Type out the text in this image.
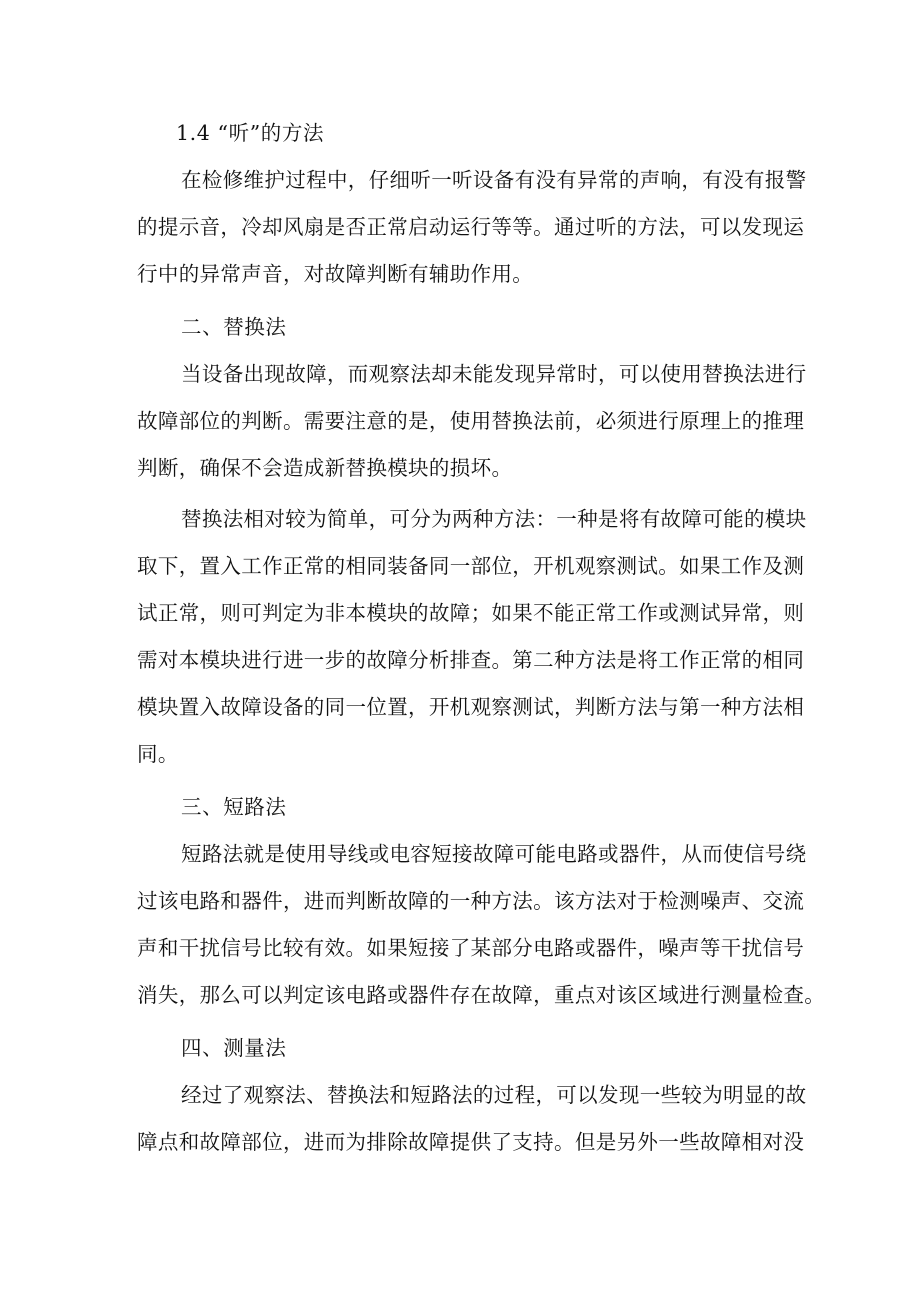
1.4 “听”的方法

在检修维护过程中，仔细听一听设备有没有异常的声响，有没有报警

的提示音，冷却风扇是否正常启动运行等等。通过听的方法，可以发现运

行中的异常声音，对故障判断有辅助作用。

二、替换法

当设备出现故障，而观察法却未能发现异常时，可以使用替换法进行

故障部位的判断。需要注意的是，使用替换法前，必须进行原理上的推理

判断，确保不会造成新替换模块的损坏。

替换法相对较为简单，可分为两种方法：一种是将有故障可能的模块

取下，置入工作正常的相同装备同一部位，开机观察测试。如果工作及测

试正常，则可判定为非本模块的故障；如果不能正常工作或测试异常，则

需对本模块进行进一步的故障分析排查。第二种方法是将工作正常的相同

模块置入故障设备的同一位置，开机观察测试，判断方法与第一种方法相

同。

三、短路法

短路法就是使用导线或电容短接故障可能电路或器件，从而使信号绕

过该电路和器件，进而判断故障的一种方法。该方法对于检测噪声、交流

声和干扰信号比较有效。如果短接了某部分电路或器件，噪声等干扰信号

消失，那么可以判定该电路或器件存在故障，重点对该区域进行测量检查。

四、测量法

经过了观察法、替换法和短路法的过程，可以发现一些较为明显的故

障点和故障部位，进而为排除故障提供了支持。但是另外一些故障相对没
